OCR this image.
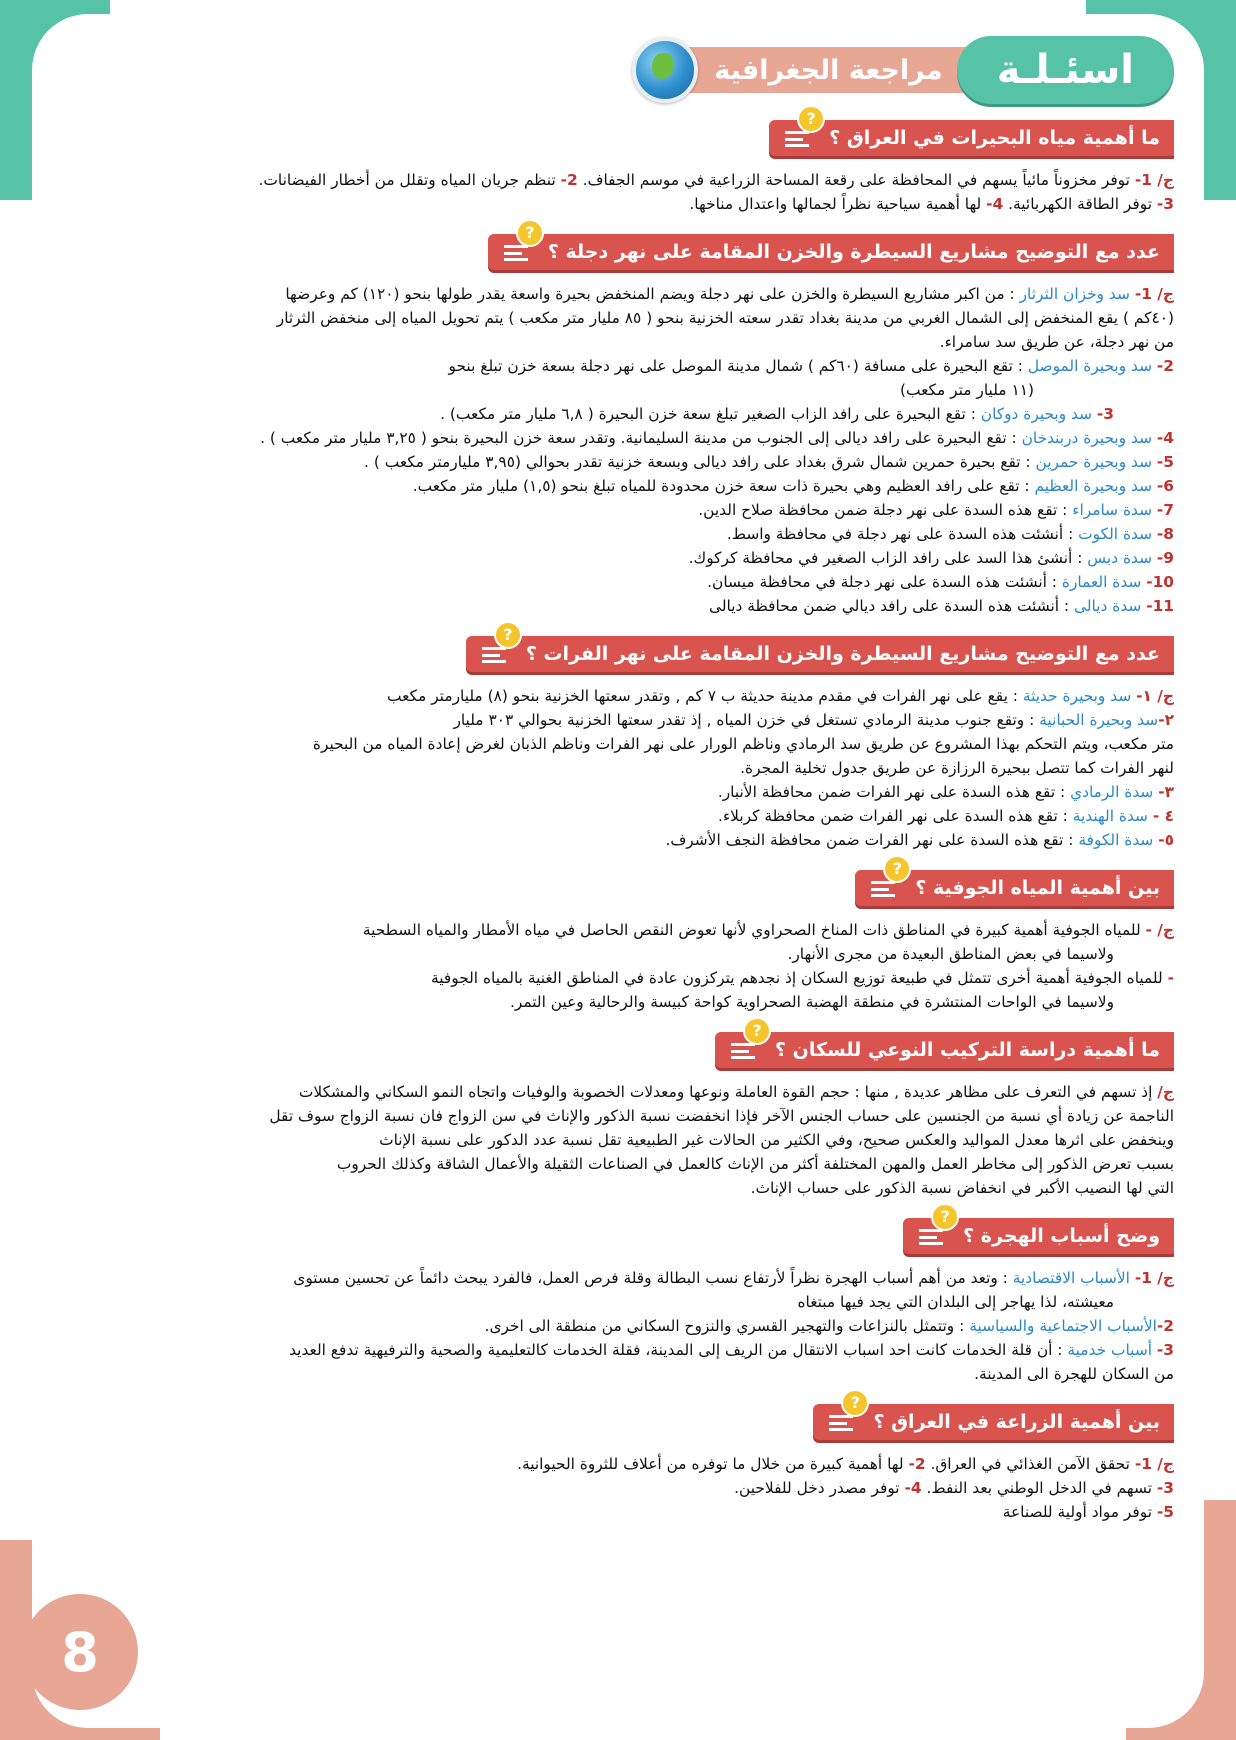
اسئـلـة
مراجعة الجغرافية
ما أهمية مياه البحيرات في العراق ؟
?

ج/ 1- توفر مخزوناً مائياً يسهم في المحافظة على رقعة المساحة الزراعية في موسم الجفاف. 2- تنظم جريان المياه وتقلل من أخطار الفيضانات.

3- توفر الطاقة الكهربائية. 4- لها أهمية سياحية نظراً لجمالها واعتدال مناخها.

عدد مع التوضيح مشاريع السيطرة والخزن المقامة على نهر دجلة ؟
?

ج/ 1- سد وخزان الثرثار : من اكبر مشاريع السيطرة والخزن على نهر دجلة ويضم المنخفض بحيرة واسعة يقدر طولها بنحو (١٢٠) كم وعرضها

(٤٠كم ) يقع المنخفض إلى الشمال الغربي من مدينة بغداد تقدر سعته الخزنية بنحو ( ٨٥ مليار متر مكعب ) يتم تحويل المياه إلى منخفض الثرثار

من نهر دجلة، عن طريق سد سامراء.

2- سد وبحيرة الموصل : تقع البحيرة على مسافة (٦٠كم ) شمال مدينة الموصل على نهر دجلة بسعة خزن تبلغ بنحو

(١١ مليار متر مكعب)

3- سد وبحيرة دوكان : تقع البحيرة على رافد الزاب الصغير تبلغ سعة خزن البحيرة ( ٦,٨ مليار متر مكعب) .

4- سد وبحيرة دربندخان : تقع البحيرة على رافد ديالى إلى الجنوب من مدينة السليمانية. وتقدر سعة خزن البحيرة بنحو ( ٣,٢٥ مليار متر مكعب ) .

5- سد وبحيرة حمرين : تقع بحيرة حمرين شمال شرق بغداد على رافد ديالى وبسعة خزنية تقدر بحوالي (٣,٩٥ مليارمتر مكعب ) .

6- سد وبحيرة العظيم : تقع على رافد العظيم وهي بحيرة ذات سعة خزن محدودة للمياه تبلغ بنحو (١,٥) مليار متر مكعب.

7- سدة سامراء : تقع هذه السدة على نهر دجلة ضمن محافظة صلاح الدين.

8- سدة الكوت : أنشئت هذه السدة على نهر دجلة في محافظة واسط.

9- سدة دبس : أنشئ هذا السد على رافد الزاب الصغير في محافظة كركوك.

10- سدة العمارة : أنشئت هذه السدة على نهر دجلة في محافظة ميسان.

11- سدة ديالى : أنشئت هذه السدة على رافد ديالي ضمن محافظة ديالى

عدد مع التوضيح مشاريع السيطرة والخزن المقامة على نهر الفرات ؟
?

ج/ ١- سد وبحيرة حديثة : يقع على نهر الفرات في مقدم مدينة حديثة ب ٧ كم , وتقدر سعتها الخزنية بنحو (٨) مليارمتر مكعب

٢-سد وبحيرة الحبانية : وتقع جنوب مدينة الرمادي تستغل في خزن المياه , إذ تقدر سعتها الخزنية بحوالي ٣٠٣ مليار

متر مكعب، ويتم التحكم بهذا المشروع عن طريق سد الرمادي وناظم الورار على نهر الفرات وناظم الذبان لغرض إعادة المياه من البحيرة

لنهر الفرات كما تتصل ببحيرة الرزازة عن طريق جدول تخلية المجرة.

٣- سدة الرمادي : تقع هذه السدة على نهر الفرات ضمن محافظة الأنبار.

٤ - سدة الهندية : تقع هذه السدة على نهر الفرات ضمن محافظة كربلاء.

٥- سدة الكوفة : تقع هذه السدة على نهر الفرات ضمن محافظة النجف الأشرف.

بين أهمية المياه الجوفية ؟
?

ج/ - للمياه الجوفية أهمية كبيرة في المناطق ذات المناخ الصحراوي لأنها تعوض النقص الحاصل في مياه الأمطار والمياه السطحية

ولاسيما في بعض المناطق البعيدة من مجرى الأنهار.

- للمياه الجوفية أهمية أخرى تتمثل في طبيعة توزيع السكان إذ نجدهم يتركزون عادة في المناطق الغنية بالمياه الجوفية

ولاسيما في الواحات المنتشرة في منطقة الهضبة الصحراوية كواحة كبيسة والرحالية وعين التمر.

ما أهمية دراسة التركيب النوعي للسكان ؟
?

ج/ إذ تسهم في التعرف على مظاهر عديدة , منها : حجم القوة العاملة ونوعها ومعدلات الخصوبة والوفيات واتجاه النمو السكاني والمشكلات

الناجمة عن زيادة أي نسبة من الجنسين على حساب الجنس الآخر فإذا انخفضت نسبة الذكور والإناث في سن الزواج فان نسبة الزواج سوف تقل

وينخفض على اثرها معدل المواليد والعكس صحيح، وفي الكثير من الحالات غير الطبيعية تقل نسبة عدد الدكور على نسبة الإناث

بسبب تعرض الذكور إلى مخاطر العمل والمهن المختلفة أكثر من الإناث كالعمل في الصناعات الثقيلة والأعمال الشاقة وكذلك الحروب

التي لها النصيب الأكبر في انخفاض نسبة الذكور على حساب الإناث.

وضح أسباب الهجرة ؟
?

ج/ 1- الأسباب الاقتصادية : وتعد من أهم أسباب الهجرة نظراً لأرتفاع نسب البطالة وقلة فرص العمل، فالفرد يبحث دائماً عن تحسين مستوى

معيشته، لذا يهاجر إلى البلدان التي يجد فيها مبتغاه

2-الأسباب الاجتماعية والسياسية : وتتمثل بالنزاعات والتهجير القسري والنزوح السكاني من منطقة الى اخرى.

3- أسباب خدمية : أن قلة الخدمات كانت احد اسباب الانتقال من الريف إلى المدينة، فقلة الخدمات كالتعليمية والصحية والترفيهية تدفع العديد

من السكان للهجرة الى المدينة.

بين أهمية الزراعة في العراق ؟
?

ج/ 1- تحقق الآمن الغذائي في العراق. 2- لها أهمية كبيرة من خلال ما توفره من أعلاف للثروة الحيوانية.

3- تسهم في الدخل الوطني بعد النفط. 4- توفر مصدر دخل للفلاحين.

5- توفر مواد أولية للصناعة

8
